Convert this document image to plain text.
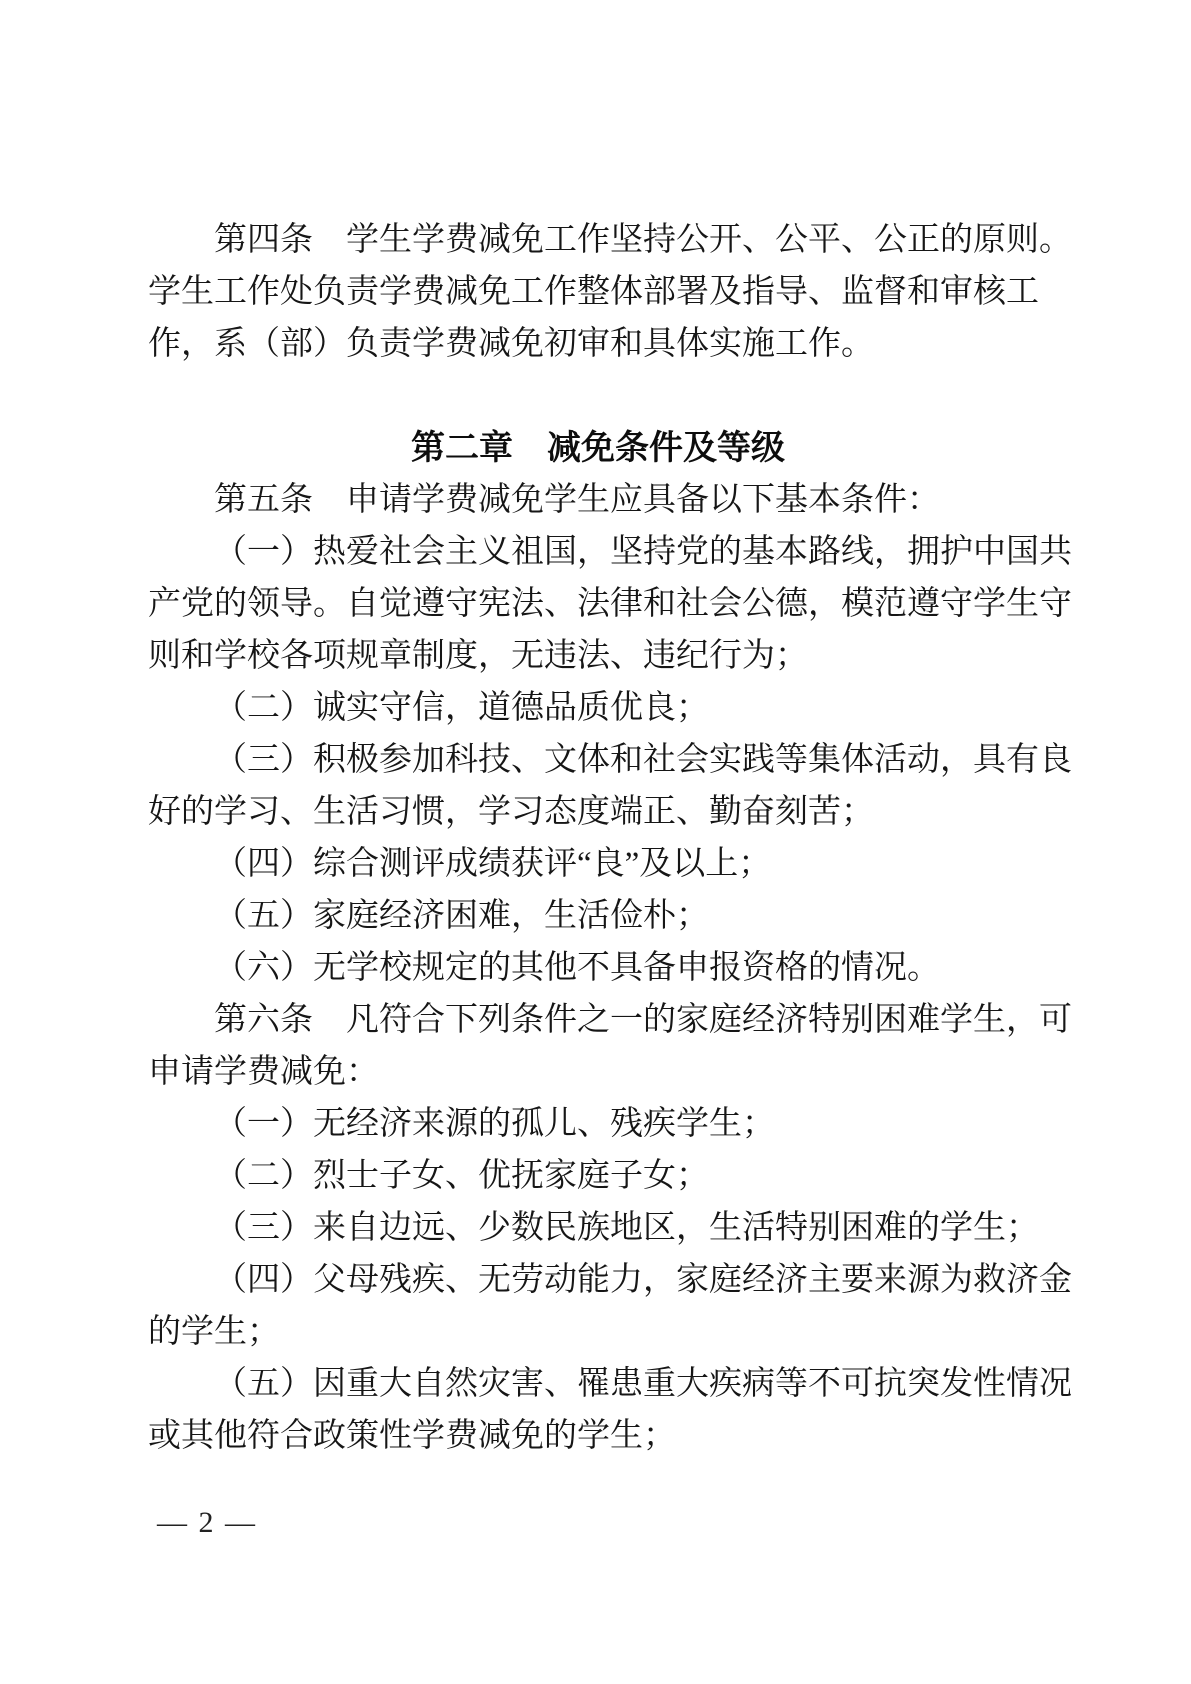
第四条　学生学费减免工作坚持公开、公平、公正的原则。
学生工作处负责学费减免工作整体部署及指导、监督和审核工
作，系（部）负责学费减免初审和具体实施工作。

第二章　减免条件及等级

第五条　申请学费减免学生应具备以下基本条件：

（一）热爱社会主义祖国，坚持党的基本路线，拥护中国共
产党的领导。自觉遵守宪法、法律和社会公德，模范遵守学生守
则和学校各项规章制度，无违法、违纪行为；

（二）诚实守信，道德品质优良；

（三）积极参加科技、文体和社会实践等集体活动，具有良
好的学习、生活习惯，学习态度端正、勤奋刻苦；

（四）综合测评成绩获评“良”及以上；

（五）家庭经济困难，生活俭朴；

（六）无学校规定的其他不具备申报资格的情况。

第六条　凡符合下列条件之一的家庭经济特别困难学生，可
申请学费减免：

（一）无经济来源的孤儿、残疾学生；

（二）烈士子女、优抚家庭子女；

（三）来自边远、少数民族地区，生活特别困难的学生；

（四）父母残疾、无劳动能力，家庭经济主要来源为救济金
的学生；

（五）因重大自然灾害、罹患重大疾病等不可抗突发性情况
或其他符合政策性学费减免的学生；

— 2 —
